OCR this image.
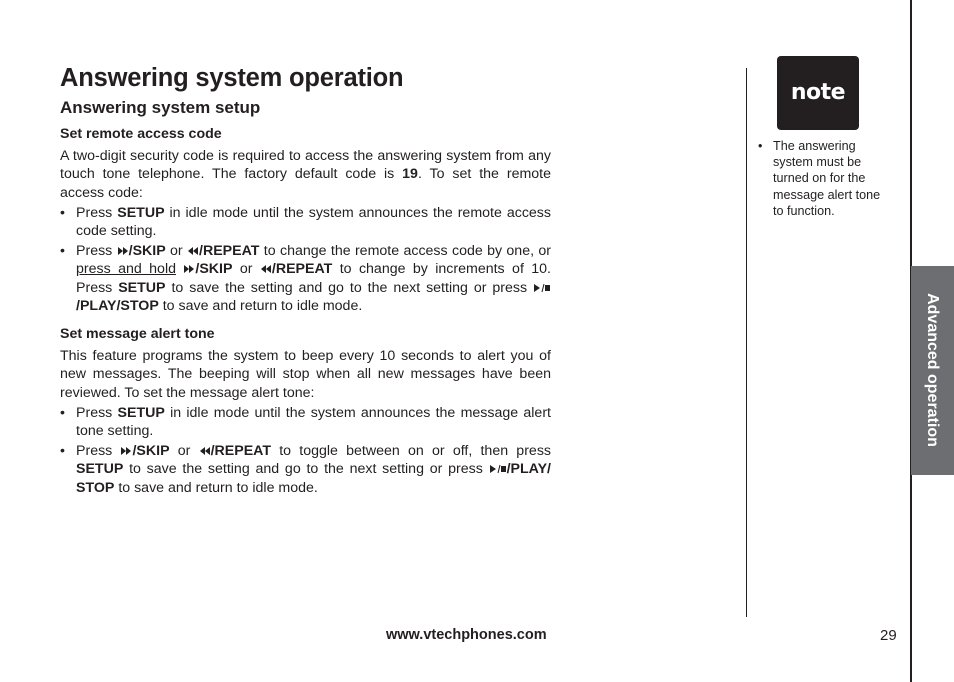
Answering system operation
Answering system setup
Set remote access code

A two-digit security code is required to access the answering system from any touch tone telephone. The factory default code is 19. To set the remote access code:

• Press SETUP in idle mode until the system announces the remote access code setting.
• Press /SKIP or /REPEAT to change the remote access code by one, or press and hold /SKIP or /REPEAT to change by increments of 10. Press SETUP to save the setting and go to the next setting or press /PLAY/STOP to save and return to idle mode.
Set message alert tone

This feature programs the system to beep every 10 seconds to alert you of new messages. The beeping will stop when all new messages have been reviewed. To set the message alert tone:

• Press SETUP in idle mode until the system announces the message alert tone setting.
• Press /SKIP or /REPEAT to toggle between on or off, then press SETUP to save the setting and go to the next setting or press /PLAY/ STOP to save and return to idle mode.
note
• The answering system must be turned on for the message alert tone to function.
Advanced operation
www.vtechphones.com	29
